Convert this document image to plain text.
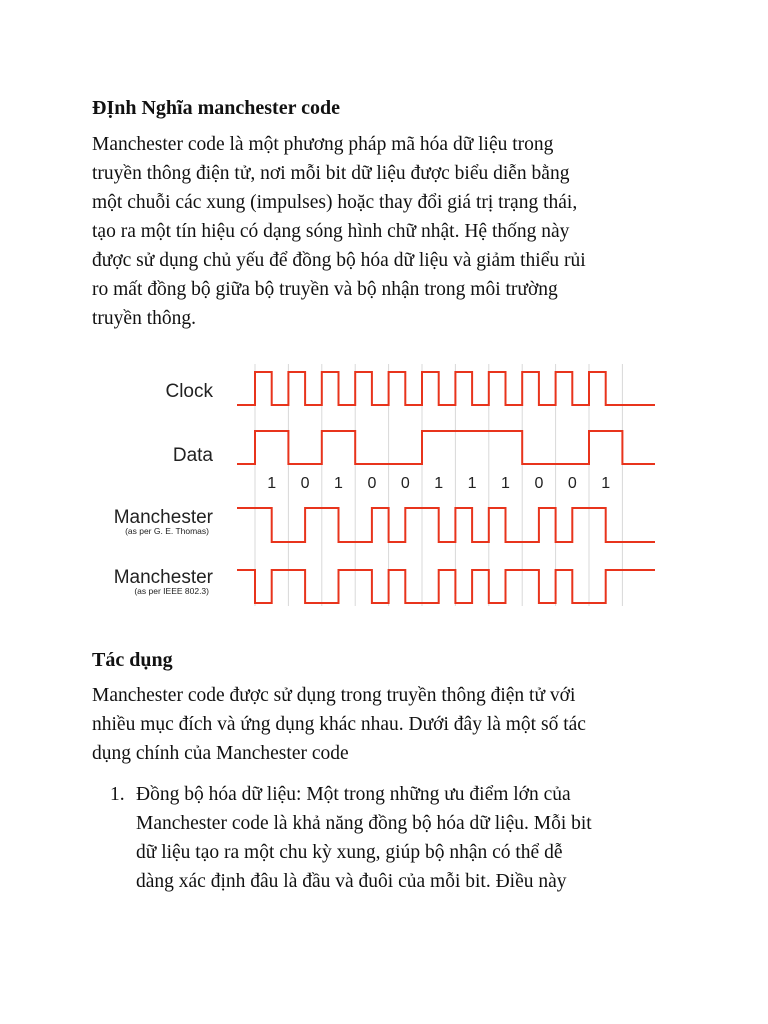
ĐỊnh Nghĩa manchester code

Manchester code là một phương pháp mã hóa dữ liệu trong
truyền thông điện tử, nơi mỗi bit dữ liệu được biểu diễn bằng
một chuỗi các xung (impulses) hoặc thay đổi giá trị trạng thái,
tạo ra một tín hiệu có dạng sóng hình chữ nhật. Hệ thống này
được sử dụng chủ yếu để đồng bộ hóa dữ liệu và giảm thiểu rủi
ro mất đồng bộ giữa bộ truyền và bộ nhận trong môi trường
truyền thông.

Clock
Data
Manchester
(as per G. E. Thomas)
Manchester
(as per IEEE 802.3)
1 0 1 0 0 1 1 1 0 0 1
Tác dụng

Manchester code được sử dụng trong truyền thông điện tử với
nhiều mục đích và ứng dụng khác nhau. Dưới đây là một số tác
dụng chính của Manchester code

1. Đồng bộ hóa dữ liệu: Một trong những ưu điểm lớn của
Manchester code là khả năng đồng bộ hóa dữ liệu. Mỗi bit
dữ liệu tạo ra một chu kỳ xung, giúp bộ nhận có thể dễ
dàng xác định đâu là đầu và đuôi của mỗi bit. Điều này
